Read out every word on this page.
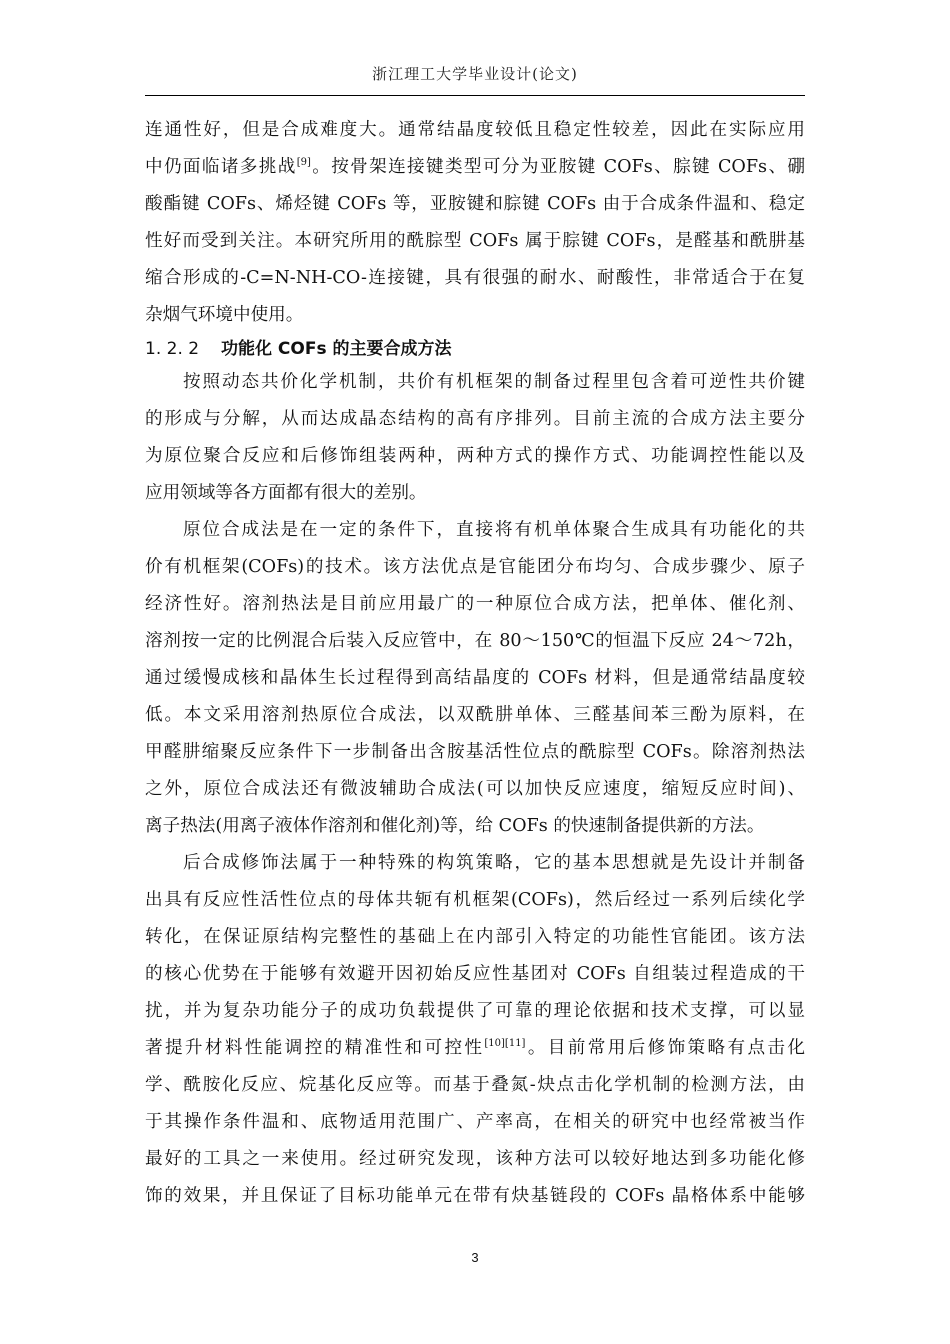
浙江理工大学毕业设计(论文)
连通性好，但是合成难度大。通常结晶度较低且稳定性较差，因此在实际应用
中仍面临诸多挑战[9]。按骨架连接键类型可分为亚胺键 COFs、腙键 COFs、硼
酸酯键 COFs、烯烃键 COFs 等，亚胺键和腙键 COFs 由于合成条件温和、稳定
性好而受到关注。本研究所用的酰腙型 COFs 属于腙键 COFs，是醛基和酰肼基
缩合形成的-C=N-NH-CO-连接键，具有很强的耐水、耐酸性，非常适合于在复
杂烟气环境中使用。
1. 2. 2 功能化 COFs 的主要合成方法
按照动态共价化学机制，共价有机框架的制备过程里包含着可逆性共价键
的形成与分解，从而达成晶态结构的高有序排列。目前主流的合成方法主要分
为原位聚合反应和后修饰组装两种，两种方式的操作方式、功能调控性能以及
应用领域等各方面都有很大的差别。
原位合成法是在一定的条件下，直接将有机单体聚合生成具有功能化的共
价有机框架(COFs)的技术。该方法优点是官能团分布均匀、合成步骤少、原子
经济性好。溶剂热法是目前应用最广的一种原位合成方法，把单体、催化剂、
溶剂按一定的比例混合后装入反应管中，在 80～150℃的恒温下反应 24～72h，
通过缓慢成核和晶体生长过程得到高结晶度的 COFs 材料，但是通常结晶度较
低。本文采用溶剂热原位合成法，以双酰肼单体、三醛基间苯三酚为原料，在
甲醛肼缩聚反应条件下一步制备出含胺基活性位点的酰腙型 COFs。除溶剂热法
之外，原位合成法还有微波辅助合成法(可以加快反应速度，缩短反应时间)、
离子热法(用离子液体作溶剂和催化剂)等，给 COFs 的快速制备提供新的方法。
后合成修饰法属于一种特殊的构筑策略，它的基本思想就是先设计并制备
出具有反应性活性位点的母体共轭有机框架(COFs)，然后经过一系列后续化学
转化，在保证原结构完整性的基础上在内部引入特定的功能性官能团。该方法
的核心优势在于能够有效避开因初始反应性基团对 COFs 自组装过程造成的干
扰，并为复杂功能分子的成功负载提供了可靠的理论依据和技术支撑，可以显
著提升材料性能调控的精准性和可控性[10][11]。目前常用后修饰策略有点击化
学、酰胺化反应、烷基化反应等。而基于叠氮-炔点击化学机制的检测方法，由
于其操作条件温和、底物适用范围广、产率高，在相关的研究中也经常被当作
最好的工具之一来使用。经过研究发现，该种方法可以较好地达到多功能化修
饰的效果，并且保证了目标功能单元在带有炔基链段的 COFs 晶格体系中能够
3
